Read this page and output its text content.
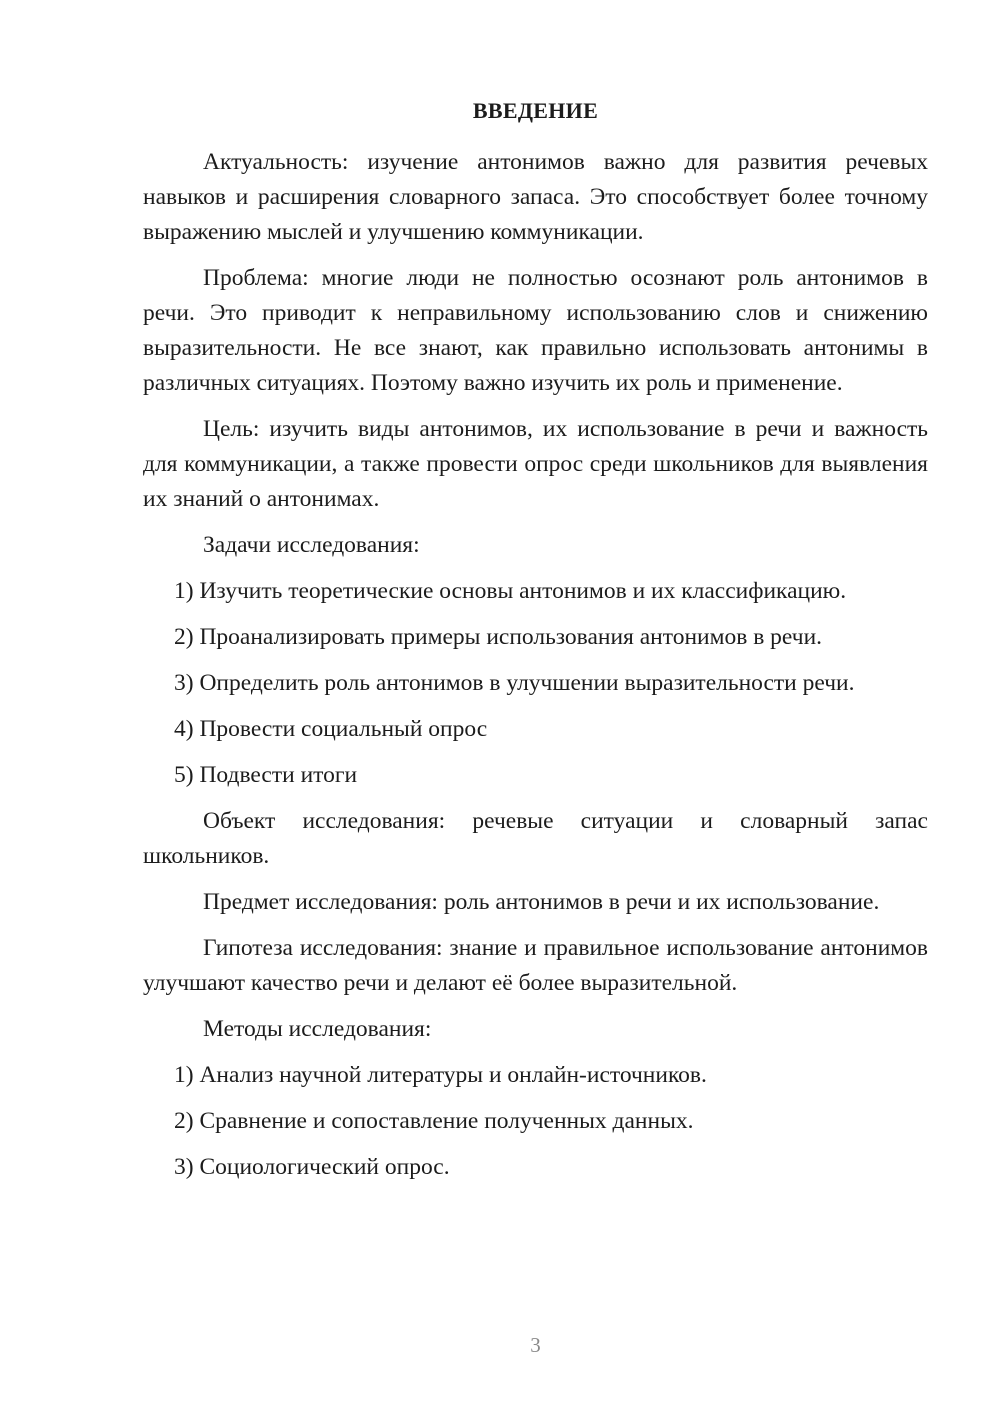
ВВЕДЕНИЕ

Актуальность: изучение антонимов важно для развития речевых навыков и расширения словарного запаса. Это способствует более точному выражению мыслей и улучшению коммуникации.

Проблема: многие люди не полностью осознают роль антонимов в речи. Это приводит к неправильному использованию слов и снижению выразительности. Не все знают, как правильно использовать антонимы в различных ситуациях. Поэтому важно изучить их роль и применение.

Цель: изучить виды антонимов, их использование в речи и важность для коммуникации, а также провести опрос среди школьников для выявления их знаний о антонимах.

Задачи исследования:

1) Изучить теоретические основы антонимов и их классификацию.
2) Проанализировать примеры использования антонимов в речи.
3) Определить роль антонимов в улучшении выразительности речи.
4) Провести социальный опрос
5) Подвести итоги

Объект исследования: речевые ситуации и словарный запас школьников.

Предмет исследования: роль антонимов в речи и их использование.

Гипотеза исследования: знание и правильное использование антонимов улучшают качество речи и делают её более выразительной.

Методы исследования:

1) Анализ научной литературы и онлайн-источников.
2) Сравнение и сопоставление полученных данных.
3) Социологический опрос.
3
